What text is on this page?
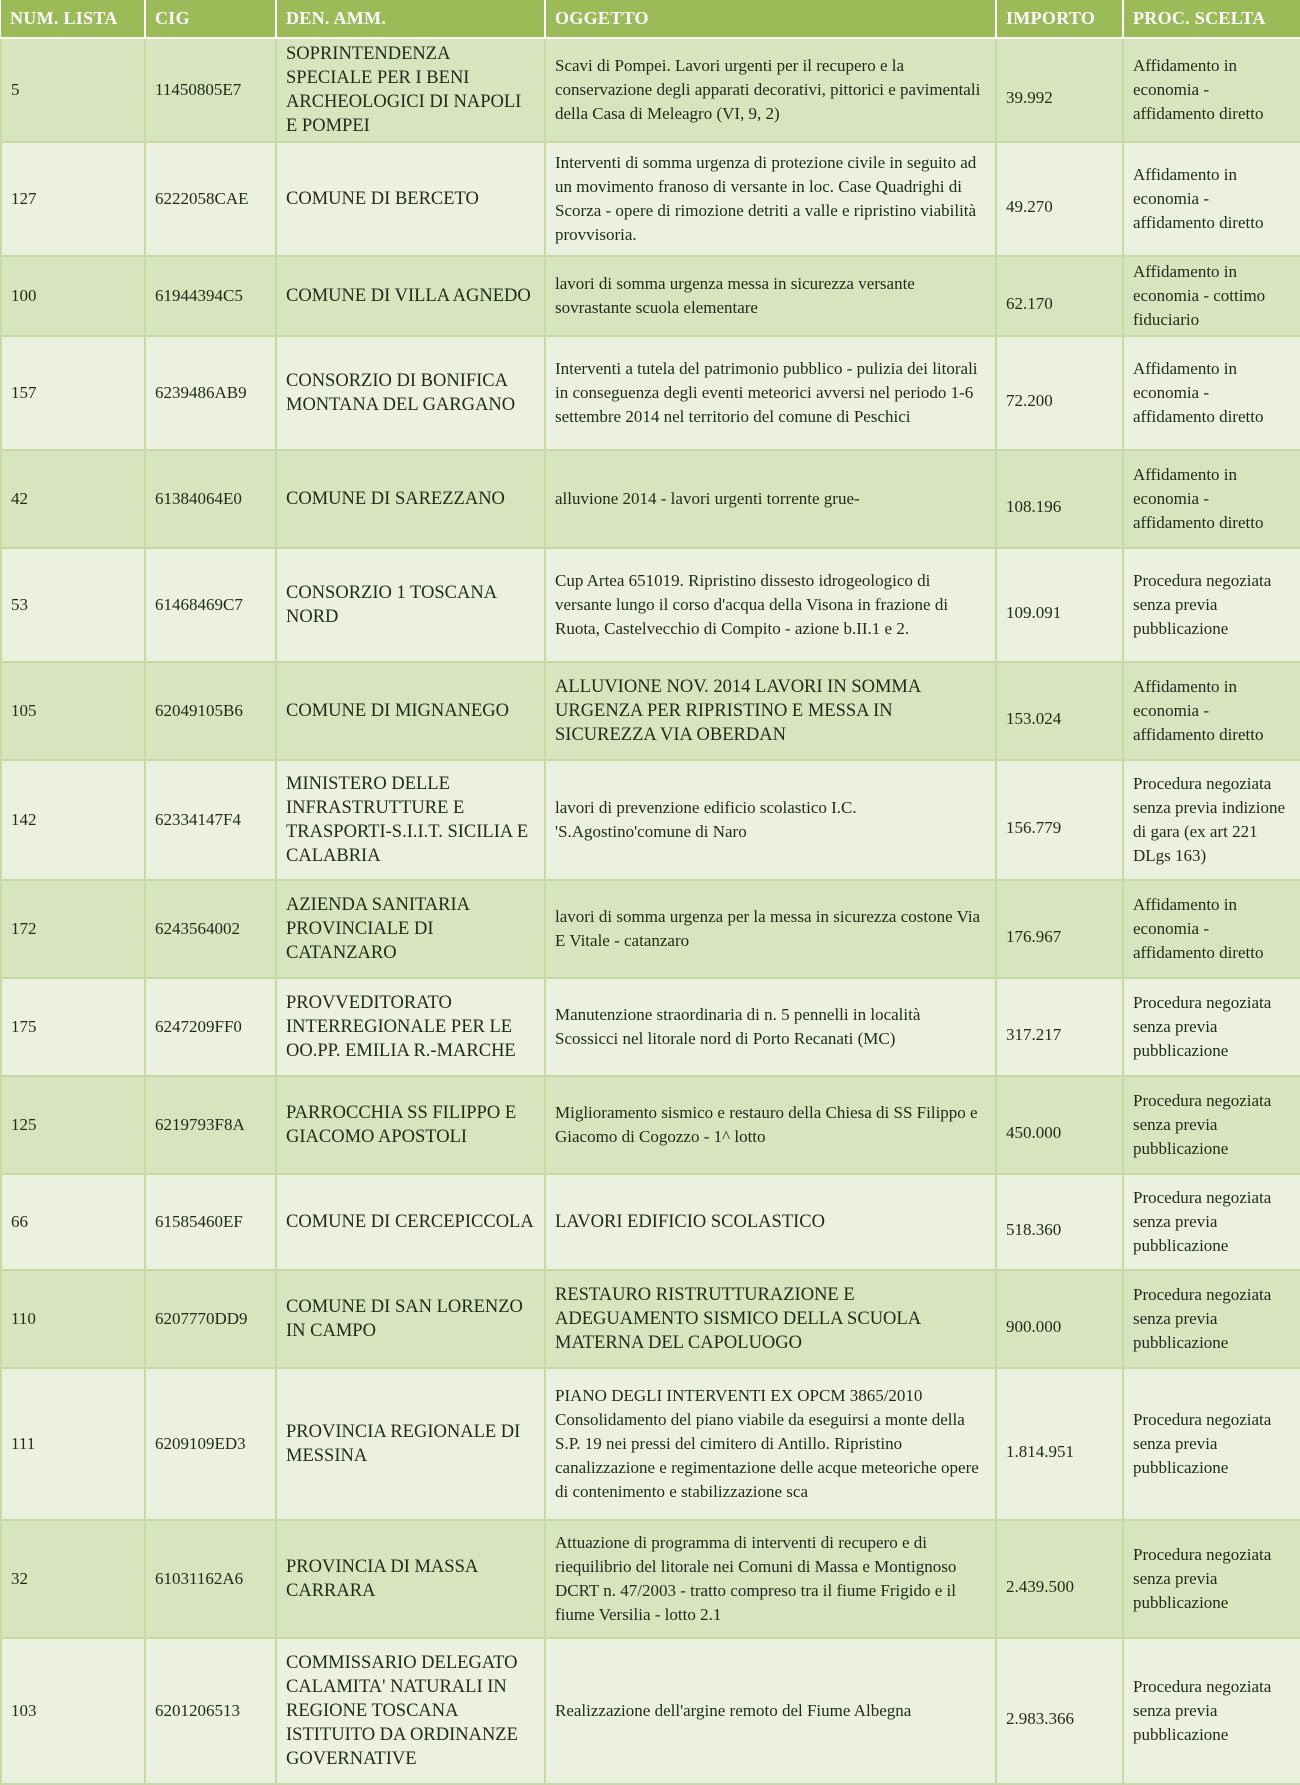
NUM. LISTA	CIG	DEN. AMM.	OGGETTO	IMPORTO	PROC. SCELTA
5	11450805E7	SOPRINTENDENZA SPECIALE PER I BENI ARCHEOLOGICI DI NAPOLI E POMPEI	Scavi di Pompei. Lavori urgenti per il recupero e la conservazione degli apparati decorativi, pittorici e pavimentali della Casa di Meleagro (VI, 9, 2)	39.992	Affidamento in economia - affidamento diretto
127	6222058CAE	COMUNE DI BERCETO	Interventi di somma urgenza di protezione civile in seguito ad un movimento franoso di versante in loc. Case Quadrighi di Scorza - opere di rimozione detriti a valle e ripristino viabilità provvisoria.	49.270	Affidamento in economia - affidamento diretto
100	61944394C5	COMUNE DI VILLA AGNEDO	lavori di somma urgenza messa in sicurezza versante sovrastante scuola elementare	62.170	Affidamento in economia - cottimo fiduciario
157	6239486AB9	CONSORZIO DI BONIFICA MONTANA DEL GARGANO	Interventi a tutela del patrimonio pubblico - pulizia dei litorali in conseguenza degli eventi meteorici avversi nel periodo 1-6 settembre 2014 nel territorio del comune di Peschici	72.200	Affidamento in economia - affidamento diretto
42	61384064E0	COMUNE DI SAREZZANO	alluvione 2014 - lavori urgenti torrente grue-	108.196	Affidamento in economia - affidamento diretto
53	61468469C7	CONSORZIO 1 TOSCANA NORD	Cup Artea 651019. Ripristino dissesto idrogeologico di versante lungo il corso d'acqua della Visona in frazione di Ruota, Castelvecchio di Compito - azione b.II.1 e 2.	109.091	Procedura negoziata senza previa pubblicazione
105	62049105B6	COMUNE DI MIGNANEGO	ALLUVIONE NOV. 2014 LAVORI IN SOMMA URGENZA PER RIPRISTINO E MESSA IN SICUREZZA VIA OBERDAN	153.024	Affidamento in economia - affidamento diretto
142	62334147F4	MINISTERO DELLE INFRASTRUTTURE E TRASPORTI-S.I.I.T. SICILIA E CALABRIA	lavori di prevenzione edificio scolastico I.C. 'S.Agostino'comune di Naro	156.779	Procedura negoziata senza previa indizione di gara (ex art 221 DLgs 163)
172	6243564002	AZIENDA SANITARIA PROVINCIALE DI CATANZARO	lavori di somma urgenza per la messa in sicurezza costone Via E Vitale - catanzaro	176.967	Affidamento in economia - affidamento diretto
175	6247209FF0	PROVVEDITORATO INTERREGIONALE PER LE OO.PP. EMILIA R.-MARCHE	Manutenzione straordinaria di n. 5 pennelli in località Scossicci nel litorale nord di Porto Recanati (MC)	317.217	Procedura negoziata senza previa pubblicazione
125	6219793F8A	PARROCCHIA SS FILIPPO E GIACOMO APOSTOLI	Miglioramento sismico e restauro della Chiesa di SS Filippo e Giacomo di Cogozzo - 1^ lotto	450.000	Procedura negoziata senza previa pubblicazione
66	61585460EF	COMUNE DI CERCEPICCOLA	LAVORI EDIFICIO SCOLASTICO	518.360	Procedura negoziata senza previa pubblicazione
110	6207770DD9	COMUNE DI SAN LORENZO IN CAMPO	RESTAURO RISTRUTTURAZIONE E ADEGUAMENTO SISMICO DELLA SCUOLA MATERNA DEL CAPOLUOGO	900.000	Procedura negoziata senza previa pubblicazione
111	6209109ED3	PROVINCIA REGIONALE DI MESSINA	PIANO DEGLI INTERVENTI EX OPCM 3865/2010 Consolidamento del piano viabile da eseguirsi a monte della S.P. 19 nei pressi del cimitero di Antillo. Ripristino canalizzazione e regimentazione delle acque meteoriche opere di contenimento e stabilizzazione sca	1.814.951	Procedura negoziata senza previa pubblicazione
32	61031162A6	PROVINCIA DI MASSA CARRARA	Attuazione di programma di interventi di recupero e di riequilibrio del litorale nei Comuni di Massa e Montignoso DCRT n. 47/2003 - tratto compreso tra il fiume Frigido e il fiume Versilia - lotto 2.1	2.439.500	Procedura negoziata senza previa pubblicazione
103	6201206513	COMMISSARIO DELEGATO CALAMITA' NATURALI IN REGIONE TOSCANA ISTITUITO DA ORDINANZE GOVERNATIVE	Realizzazione dell'argine remoto del Fiume Albegna	2.983.366	Procedura negoziata senza previa pubblicazione
